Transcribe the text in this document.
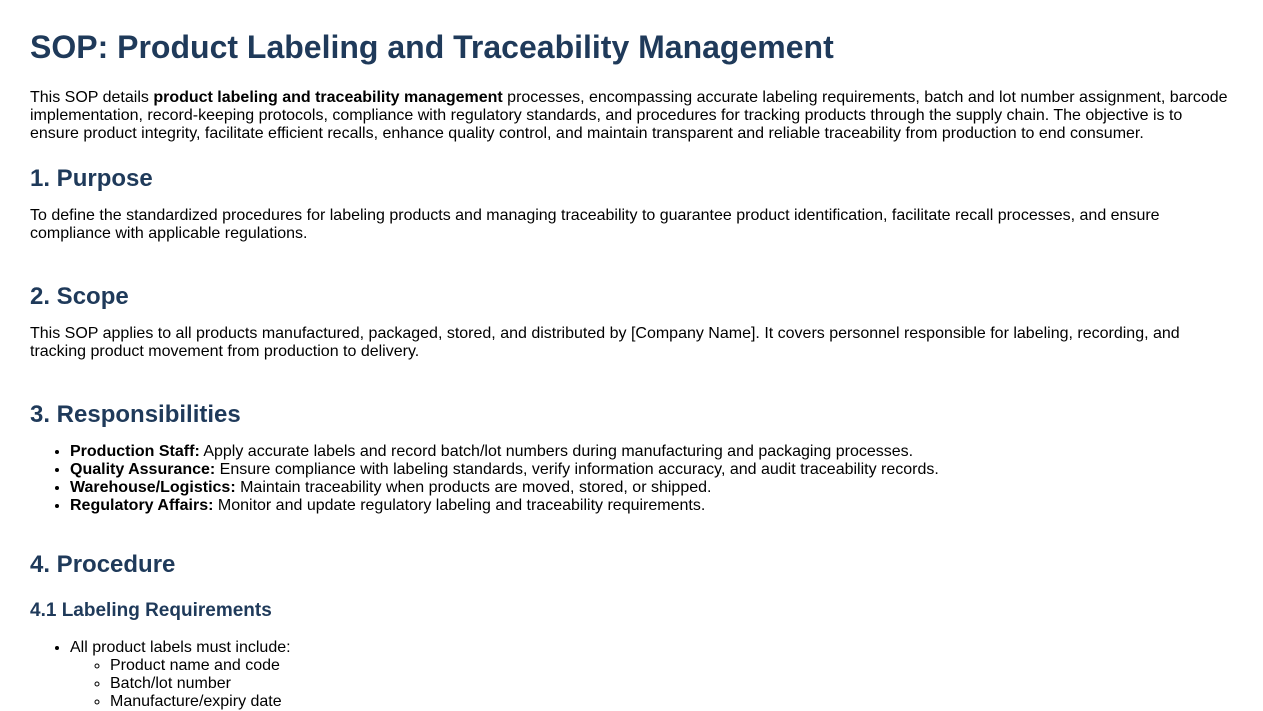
SOP: Product Labeling and Traceability Management

This SOP details product labeling and traceability management processes, encompassing accurate labeling requirements, batch and lot number assignment, barcode implementation, record-keeping protocols, compliance with regulatory standards, and procedures for tracking products through the supply chain. The objective is to ensure product integrity, facilitate efficient recalls, enhance quality control, and maintain transparent and reliable traceability from production to end consumer.

1. Purpose

To define the standardized procedures for labeling products and managing traceability to guarantee product identification, facilitate recall processes, and ensure compliance with applicable regulations.

2. Scope

This SOP applies to all products manufactured, packaged, stored, and distributed by [Company Name]. It covers personnel responsible for labeling, recording, and tracking product movement from production to delivery.

3. Responsibilities
• Production Staff: Apply accurate labels and record batch/lot numbers during manufacturing and packaging processes.
• Quality Assurance: Ensure compliance with labeling standards, verify information accuracy, and audit traceability records.
• Warehouse/Logistics: Maintain traceability when products are moved, stored, or shipped.
• Regulatory Affairs: Monitor and update regulatory labeling and traceability requirements.
4. Procedure
4.1 Labeling Requirements
• All product labels must include:
◦ Product name and code
◦ Batch/lot number
◦ Manufacture/expiry date
